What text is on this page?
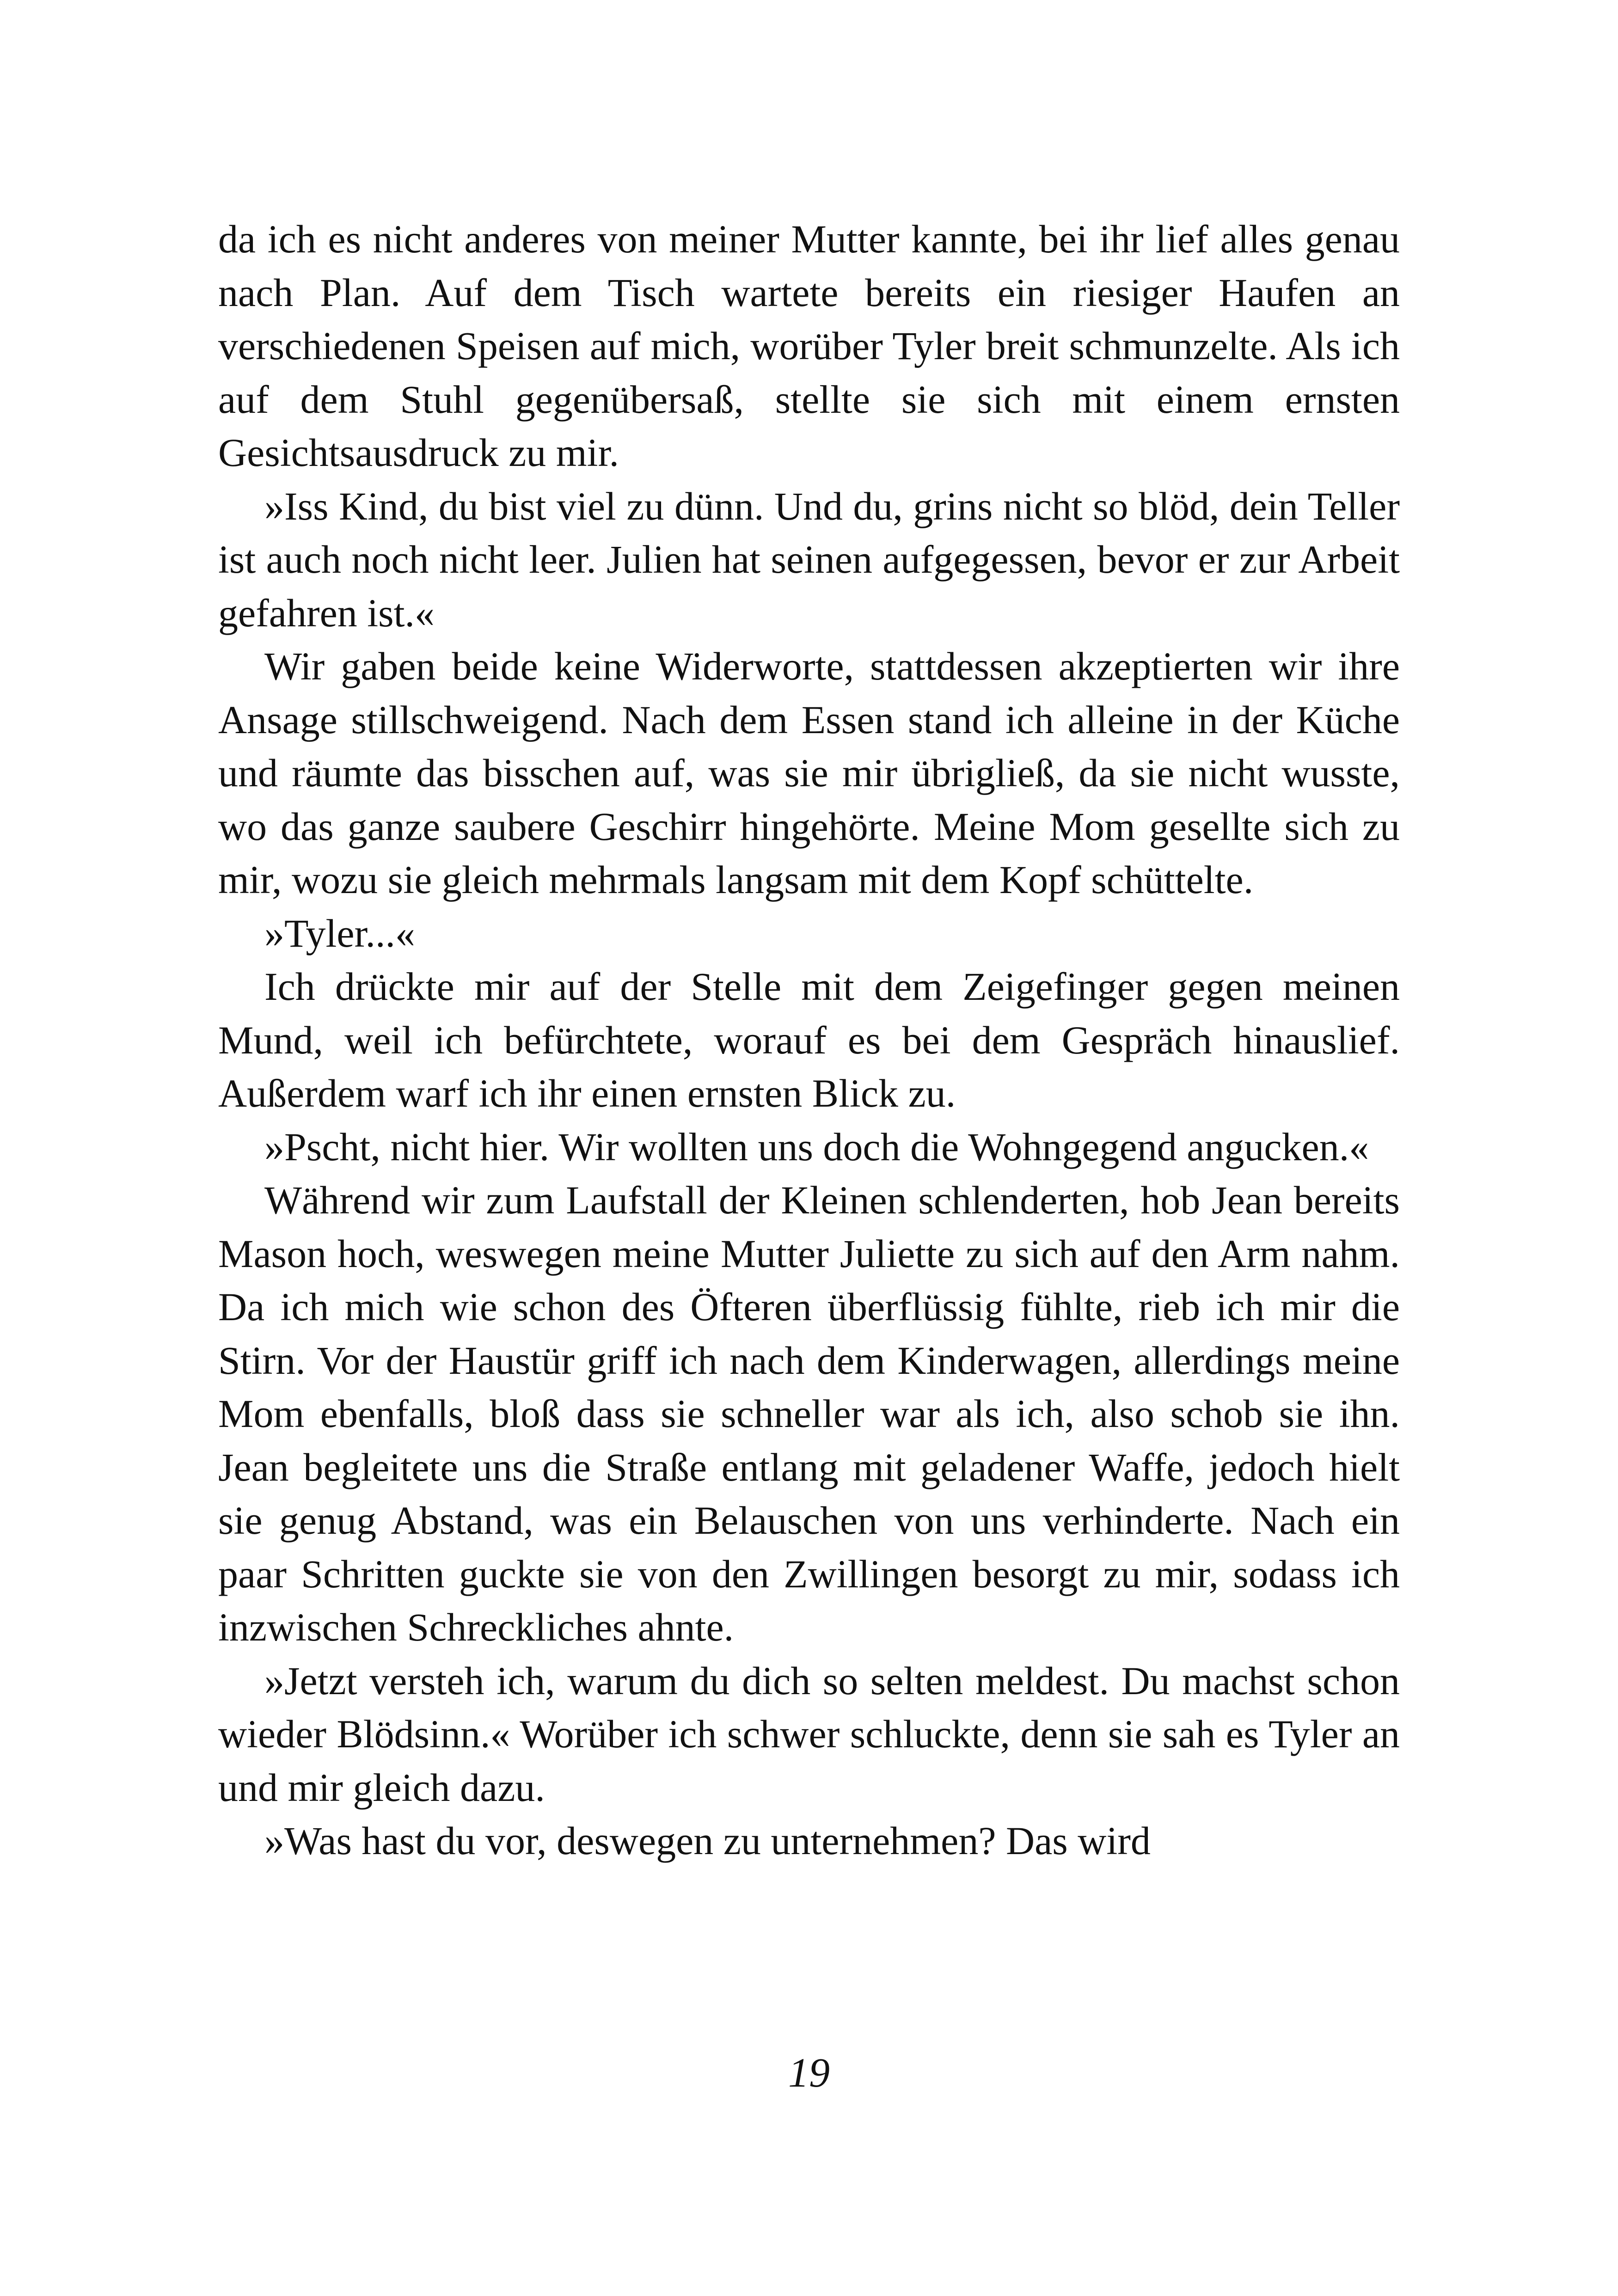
da ich es nicht anderes von meiner Mutter kannte, bei ihr lief alles genau nach Plan. Auf dem Tisch wartete bereits ein riesiger Haufen an verschiedenen Speisen auf mich, worüber Tyler breit schmunzelte. Als ich auf dem Stuhl gegenübersaß, stellte sie sich mit einem ernsten Gesichtsausdruck zu mir.

»Iss Kind, du bist viel zu dünn. Und du, grins nicht so blöd, dein Teller ist auch noch nicht leer. Julien hat seinen aufgegessen, bevor er zur Arbeit gefahren ist.«

Wir gaben beide keine Widerworte, stattdessen akzeptierten wir ihre Ansage stillschweigend. Nach dem Essen stand ich alleine in der Küche und räumte das bisschen auf, was sie mir übrigließ, da sie nicht wusste, wo das ganze saubere Geschirr hingehörte. Meine Mom gesellte sich zu mir, wozu sie gleich mehrmals langsam mit dem Kopf schüttelte.

»Tyler...«

Ich drückte mir auf der Stelle mit dem Zeigefinger gegen meinen Mund, weil ich befürchtete, worauf es bei dem Gespräch hinauslief. Außerdem warf ich ihr einen ernsten Blick zu.

»Pscht, nicht hier. Wir wollten uns doch die Wohngegend angucken.«

Während wir zum Laufstall der Kleinen schlenderten, hob Jean bereits Mason hoch, weswegen meine Mutter Juliette zu sich auf den Arm nahm. Da ich mich wie schon des Öfteren überflüssig fühlte, rieb ich mir die Stirn. Vor der Haustür griff ich nach dem Kinderwagen, allerdings meine Mom ebenfalls, bloß dass sie schneller war als ich, also schob sie ihn. Jean begleitete uns die Straße entlang mit geladener Waffe, jedoch hielt sie genug Abstand, was ein Belauschen von uns verhinderte. Nach ein paar Schritten guckte sie von den Zwillingen besorgt zu mir, sodass ich inzwischen Schreckliches ahnte.

»Jetzt versteh ich, warum du dich so selten meldest. Du machst schon wieder Blödsinn.« Worüber ich schwer schluckte, denn sie sah es Tyler an und mir gleich dazu.

»Was hast du vor, deswegen zu unternehmen? Das wird

19
